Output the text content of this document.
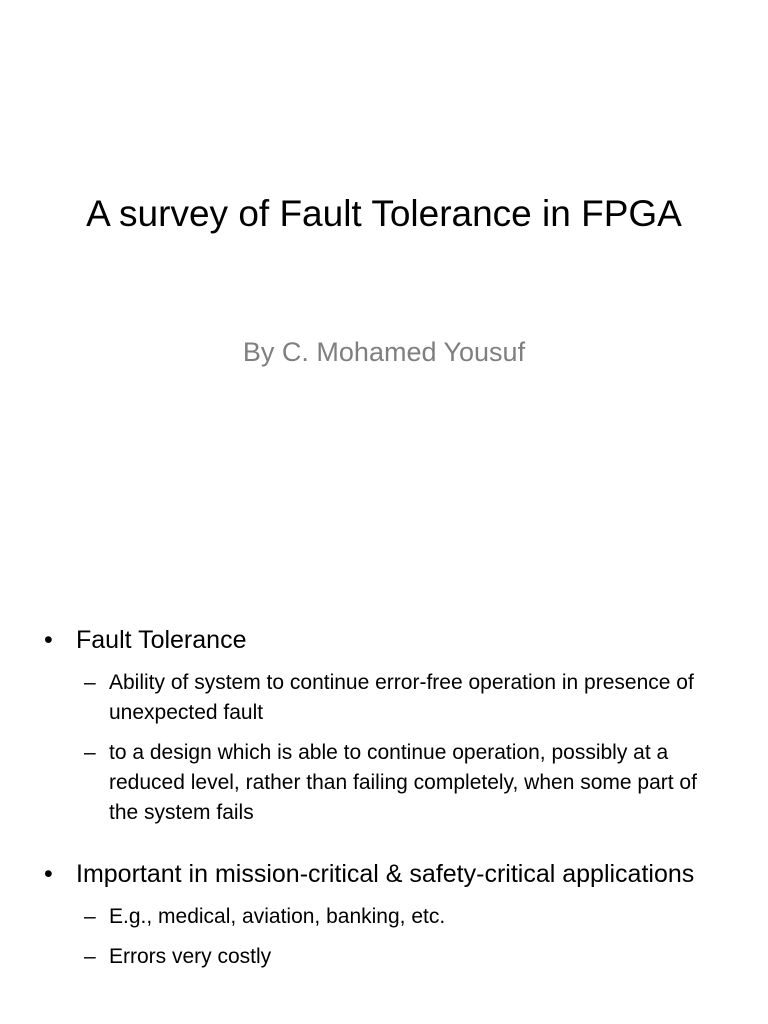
A survey of Fault Tolerance in FPGA
By C. Mohamed Yousuf
• Fault Tolerance
– Ability of system to continue error-free operation in presence of unexpected fault
– to a design which is able to continue operation, possibly at a reduced level, rather than failing completely, when some part of the system fails
• Important in mission-critical & safety-critical applications
– E.g., medical, aviation, banking, etc.
– Errors very costly
